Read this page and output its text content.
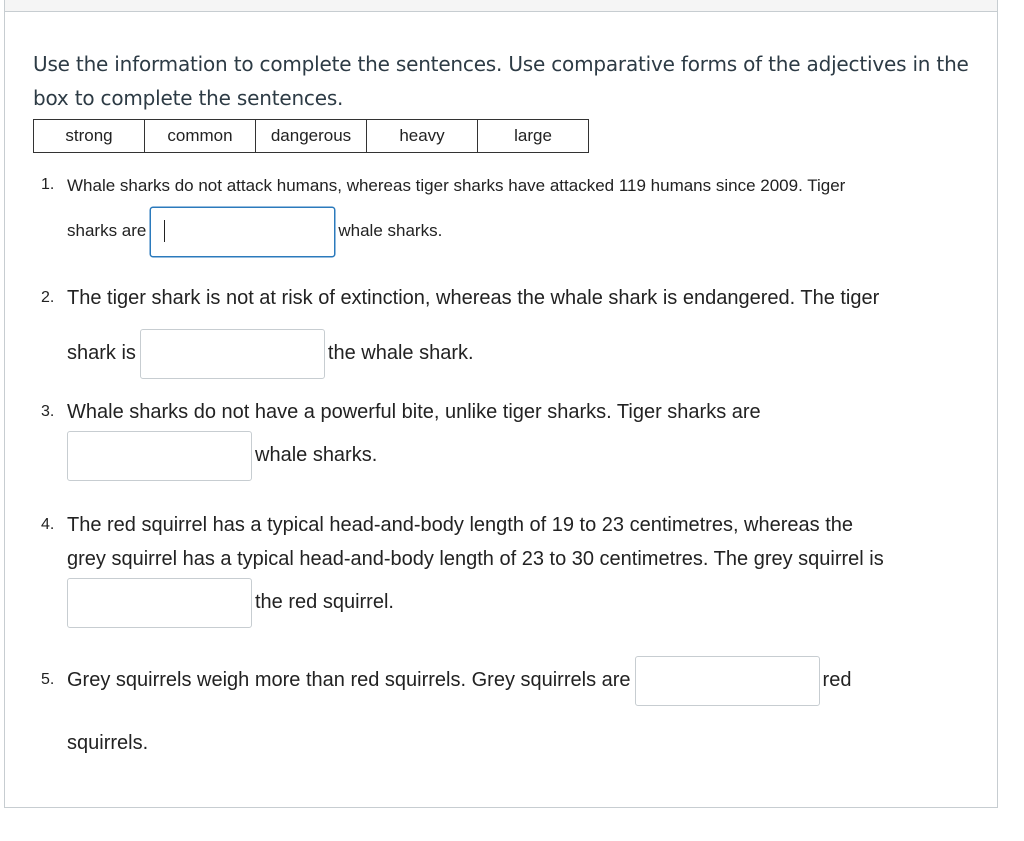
Use the information to complete the sentences. Use comparative forms of the adjectives in the box to complete the sentences.
strong	common	dangerous	heavy	large
1. Whale sharks do not attack humans, whereas tiger sharks have attacked 119 humans since 2009. Tiger
sharks are	whale sharks.
2. The tiger shark is not at risk of extinction, whereas the whale shark is endangered. The tiger
shark is	the whale shark.
3. Whale sharks do not have a powerful bite, unlike tiger sharks. Tiger sharks are
whale sharks.
4. The red squirrel has a typical head-and-body length of 19 to 23 centimetres, whereas the
grey squirrel has a typical head-and-body length of 23 to 30 centimetres. The grey squirrel is
the red squirrel.
5. Grey squirrels weigh more than red squirrels. Grey squirrels are	red
squirrels.
